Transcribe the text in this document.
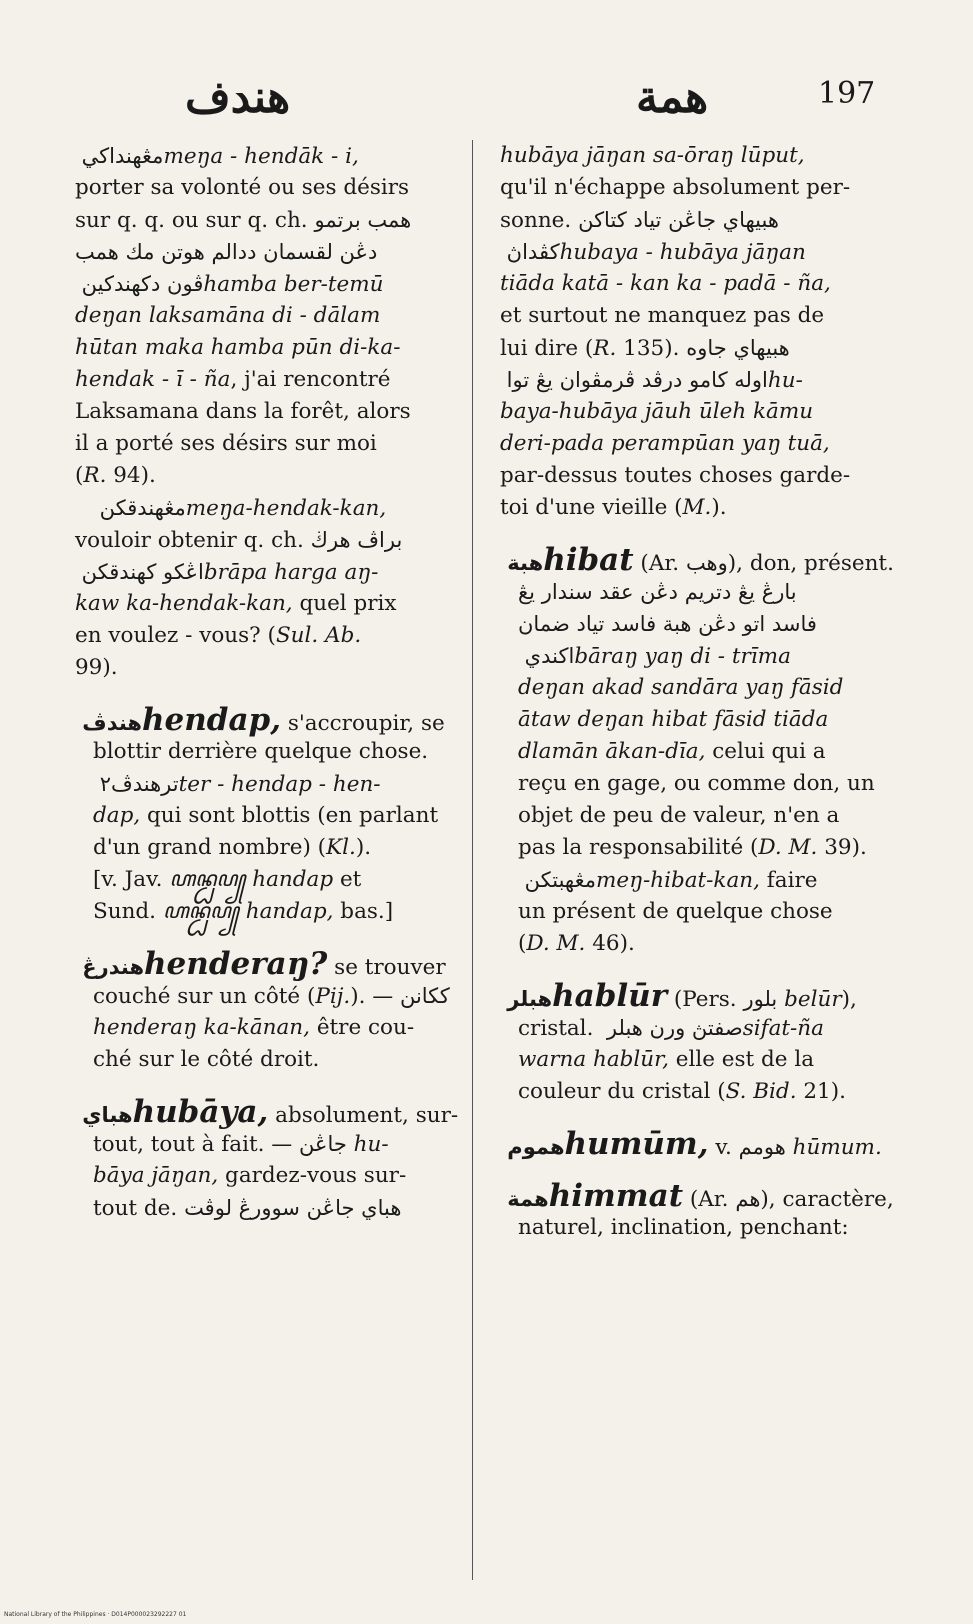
هندف	همة	197
مڠهنداکي meŋa - hendāk - i,
porter sa volonté ou ses désirs
sur q. q. ou sur q. ch. همب برتمو
دڠن لقسمان ددالم هوتن مك همب
ڤون دکهندکين hamba ber-temū
deŋan laksamāna di - dālam
hūtan maka hamba pūn di-ka-
hendak - ī - ña, j'ai rencontré
Laksamana dans la forêt, alors
il a porté ses désirs sur moi
(R. 94).
مڠهندقکن meŋa-hendak-kan,
vouloir obtenir q. ch. براڤ هرڬ
اڠکو کهندقکن brāpa harga aŋ-
kaw ka-hendak-kan, quel prix
en voulez - vous? (Sul. Ab.
99).
هندڤ hendap, s'accroupir, se
blottir derrière quelque chose.
ترهندڤ٢ ter - hendap - hen-
dap, qui sont blottis (en parlant
d'un grand nombre) (Kl.).
[v. Jav. ꦲꦤ꧀ꦝꦥ꧀ handap et
Sund. ꦲꦤ꧀ꦝꦥ꧀ handap, bas.]
هندرڠ henderaŋ? se trouver
couché sur un côté (Pij.). ککانن —
henderaŋ ka-kānan, être cou-
ché sur le côté droit.
هباي hubāya, absolument, sur-
tout, tout à fait. جاڠن — hu-
bāya jāŋan, gardez-vous sur-
tout de. هباي جاڠن سوورڠ لوڤت
hubāya jāŋan sa-ōraŋ lūput,
qu'il n'échappe absolument per-
sonne. هبيهاي جاڠن تياد کتاکن
کڤداڽ hubaya - hubāya jāŋan
tiāda katā - kan ka - padā - ña,
et surtout ne manquez pas de
lui dire (R. 135). هبيهاي جاوه
اوله کامو درڤد ڤرمڤوان يڠ توا hu-
baya-hubāya jāuh ūleh kāmu
deri-pada perampūan yaŋ tuā,
par-dessus toutes choses garde-
toi d'une vieille (M.).
هبة hibat (Ar. وهب), don, présent.
بارڠ يڠ دتريم دڠن عقد سندار يڠ
فاسد اتو دڠن هبة فاسد تياد ضمان
اکندي bāraŋ yaŋ di - trīma
deŋan akad sandāra yaŋ fāsid
ātaw deŋan hibat fāsid tiāda
dlamān ākan-dīa, celui qui a
reçu en gage, ou comme don, un
objet de peu de valeur, n'en a
pas la responsabilité (D. M. 39).
مڠهبتکن meŋ-hibat-kan, faire
un présent de quelque chose
(D. M. 46).
هبلر hablūr (Pers. بلور belūr),
cristal. صفتڽ ورن هبلر sifat-ña
warna hablūr, elle est de la
couleur du cristal (S. Bid. 21).
هموم humūm, v. هومم hūmum.
همة himmat (Ar. هم), caractère,
naturel, inclination, penchant:
National Library of the Philippines · D014P000023292227 01
